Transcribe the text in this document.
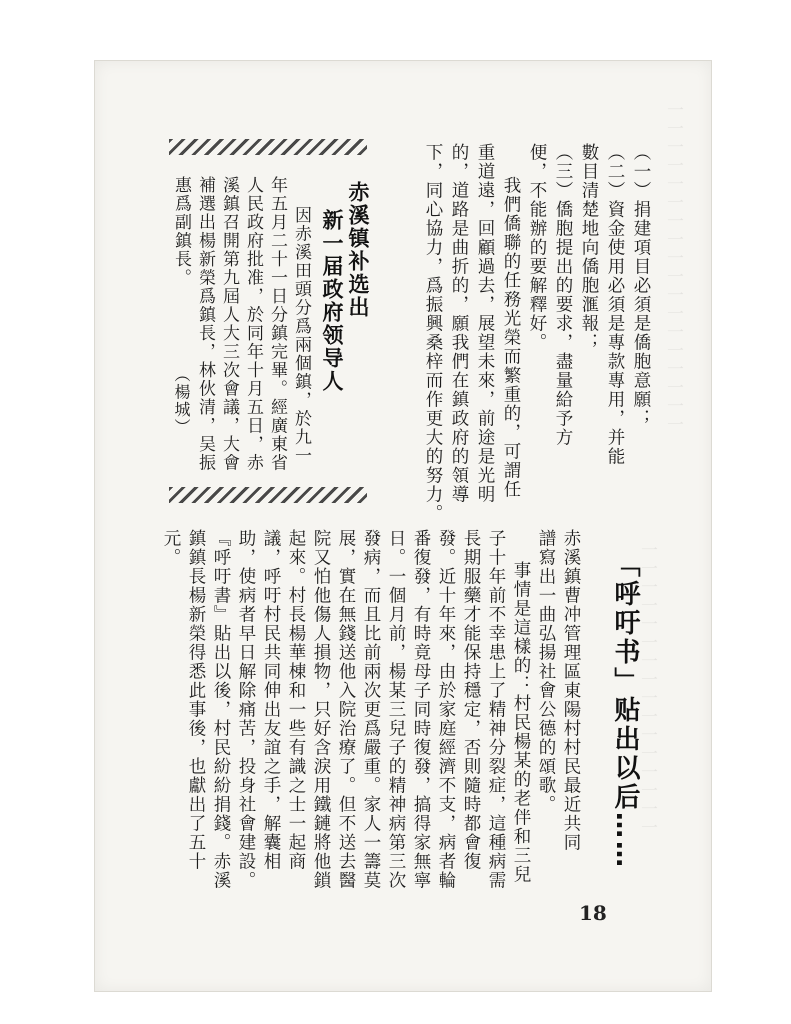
一一一一一一一一一一一一一一一一一一
一一一一一一一一一一一一一一一一
（一）捐建項目必須是僑胞意願；
（二）資金使用必須是專款專用，并能
數目清楚地向僑胞滙報；
（三）僑胞提出的要求，盡量給予方
便，不能辦的要解釋好。
我們僑聯的任務光榮而繁重的，可謂任
重道遠，回顧過去，展望未來，前途是光明
的，道路是曲折的，願我們在鎮政府的領導
下，同心協力，爲振興桑梓而作更大的努力。
赤溪镇补选出
新一届政府领导人
因赤溪田頭分爲兩個鎮，於九一
年五月二十一日分鎮完畢。經廣東省
人民政府批准，於同年十月五日，赤
溪鎮召開第九屆人大三次會議，大會
補選出楊新榮爲鎮長，林伙清，吴振
惠爲副鎮長。
（楊城）
「呼吁书」贴出以后……
赤溪鎮曹冲管理區東陽村村民最近共同
譜寫出一曲弘揚社會公德的頌歌。
事情是這樣的：村民楊某的老伴和三兒
子十年前不幸患上了精神分裂症，這種病需
長期服藥才能保持穩定，否則隨時都會復
發。近十年來，由於家庭經濟不支，病者輪
番復發，有時竟母子同時復發，搞得家無寧
日。一個月前，楊某三兒子的精神病第三次
發病，而且比前兩次更爲嚴重。家人一籌莫
展，實在無錢送他入院治療了。但不送去醫
院又怕他傷人損物，只好含淚用鐵鏈將他鎖
起來。村長楊華棟和一些有識之士一起商
議，呼吁村民共同伸出友誼之手，解囊相
助，使病者早日解除痛苦，投身社會建設。
『呼吁書』貼出以後，村民紛紛捐錢。赤溪
鎮鎮長楊新榮得悉此事後，也獻出了五十
元。
18
